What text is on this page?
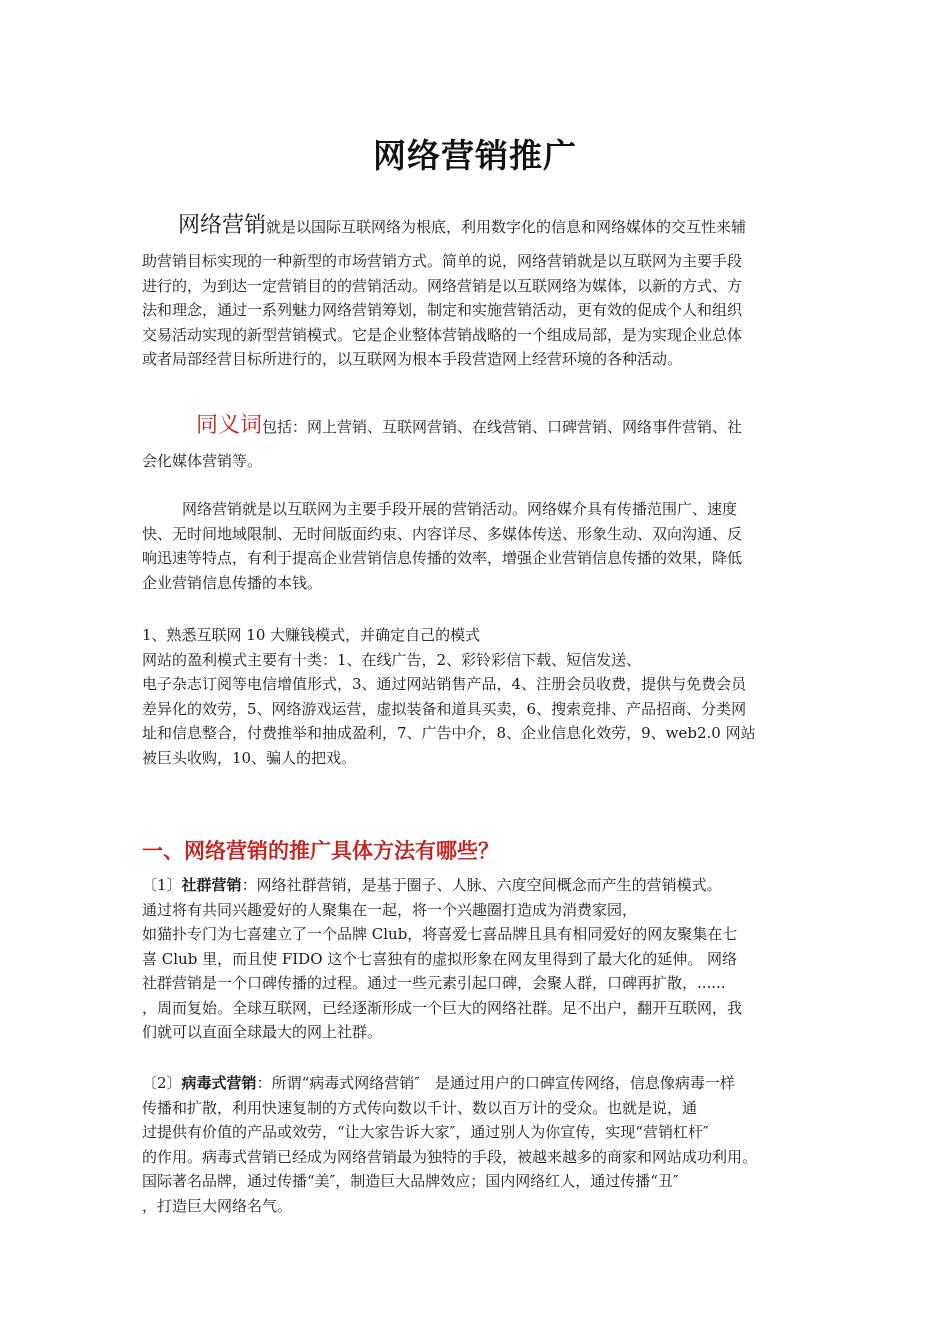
网络营销推广
网络营销就是以国际互联网络为根底，利用数字化的信息和网络媒体的交互性来辅
助营销目标实现的一种新型的市场营销方式。简单的说，网络营销就是以互联网为主要手段
进行的，为到达一定营销目的的营销活动。网络营销是以互联网络为媒体，以新的方式、方
法和理念，通过一系列魅力网络营销筹划，制定和实施营销活动，更有效的促成个人和组织
交易活动实现的新型营销模式。它是企业整体营销战略的一个组成局部，是为实现企业总体
或者局部经营目标所进行的，以互联网为根本手段营造网上经营环境的各种活动。
同义词包括：网上营销、互联网营销、在线营销、口碑营销、网络事件营销、社
会化媒体营销等。
网络营销就是以互联网为主要手段开展的营销活动。网络媒介具有传播范围广、速度
快、无时间地域限制、无时间版面约束、内容详尽、多媒体传送、形象生动、双向沟通、反
响迅速等特点，有利于提高企业营销信息传播的效率，增强企业营销信息传播的效果，降低
企业营销信息传播的本钱。
1、熟悉互联网 10 大赚钱模式，并确定自己的模式
网站的盈利模式主要有十类：1、在线广告，2、彩铃彩信下载、短信发送、
电子杂志订阅等电信增值形式，3、通过网站销售产品，4、注册会员收费，提供与免费会员
差异化的效劳，5、网络游戏运营，虚拟装备和道具买卖，6、搜索竞排、产品招商、分类网
址和信息整合，付费推举和抽成盈利，7、广告中介，8、企业信息化效劳，9、web2.0 网站
被巨头收购，10、骗人的把戏。
一、网络营销的推广具体方法有哪些？
〔1〕社群营销：网络社群营销，是基于圈子、人脉、六度空间概念而产生的营销模式。
通过将有共同兴趣爱好的人聚集在一起，将一个兴趣圈打造成为消费家园，
如猫扑专门为七喜建立了一个品牌 Club，将喜爱七喜品牌且具有相同爱好的网友聚集在七
喜 Club 里，而且使 FIDO 这个七喜独有的虚拟形象在网友里得到了最大化的延伸。 网络
社群营销是一个口碑传播的过程。通过一些元素引起口碑，会聚人群，口碑再扩散，......
，周而复始。全球互联网，已经逐渐形成一个巨大的网络社群。足不出户，翻开互联网，我
们就可以直面全球最大的网上社群。
〔2〕病毒式营销：所谓“病毒式网络营销″　是通过用户的口碑宣传网络，信息像病毒一样
传播和扩散，利用快速复制的方式传向数以千计、数以百万计的受众。也就是说，通
过提供有价值的产品或效劳，“让大家告诉大家″，通过别人为你宣传，实现“营销杠杆″
的作用。病毒式营销已经成为网络营销最为独特的手段，被越来越多的商家和网站成功利用。
国际著名品牌，通过传播“美″，制造巨大品牌效应；国内网络红人，通过传播“丑″
，打造巨大网络名气。
